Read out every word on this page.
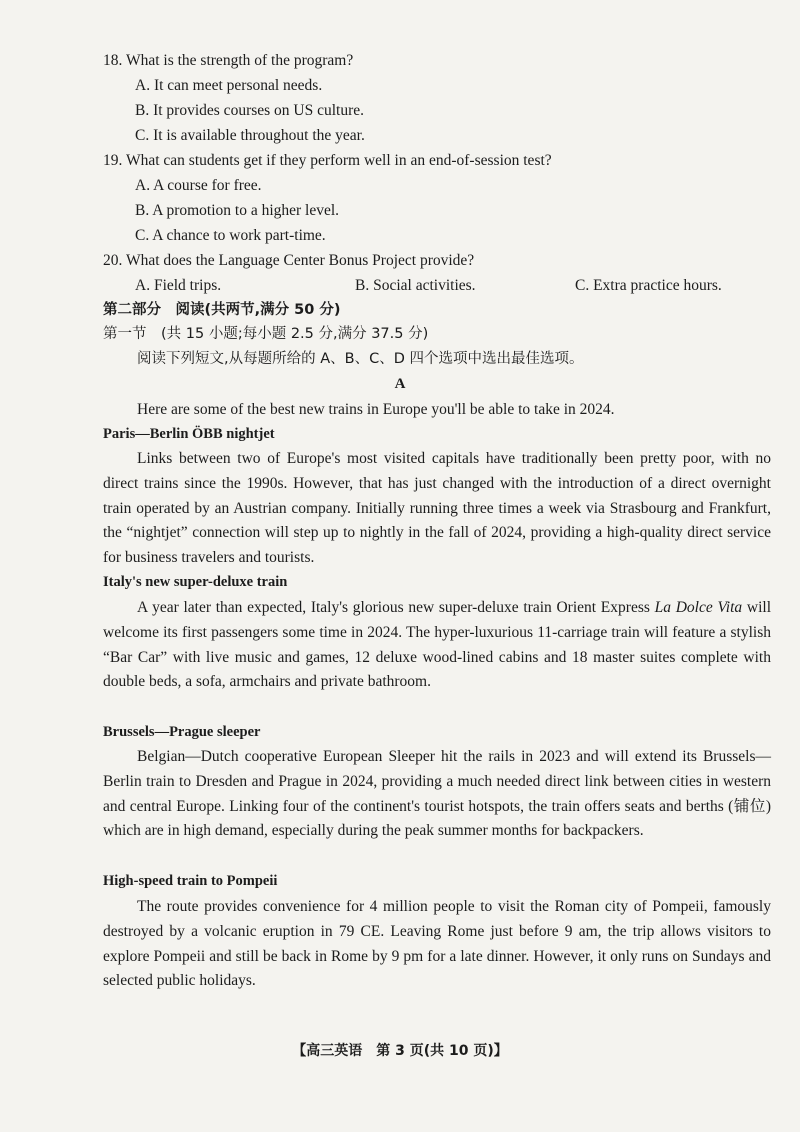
18. What is the strength of the program?
A. It can meet personal needs.
B. It provides courses on US culture.
C. It is available throughout the year.
19. What can students get if they perform well in an end-of-session test?
A. A course for free.
B. A promotion to a higher level.
C. A chance to work part-time.
20. What does the Language Center Bonus Project provide?
A. Field trips.	B. Social activities.	C. Extra practice hours.
第二部分　阅读(共两节,满分 50 分)
第一节　(共 15 小题;每小题 2.5 分,满分 37.5 分)
阅读下列短文,从每题所给的 A、B、C、D 四个选项中选出最佳选项。
A
Here are some of the best new trains in Europe you'll be able to take in 2024.
Paris—Berlin ÖBB nightjet
Links between two of Europe's most visited capitals have traditionally been pretty poor, with no direct trains since the 1990s. However, that has just changed with the introduction of a direct overnight train operated by an Austrian company. Initially running three times a week via Strasbourg and Frankfurt, the “nightjet” connection will step up to nightly in the fall of 2024, providing a high-quality direct service for business travelers and tourists.
Italy's new super-deluxe train
A year later than expected, Italy's glorious new super-deluxe train Orient Express La Dolce Vita will welcome its first passengers some time in 2024. The hyper-luxurious 11-carriage train will feature a stylish “Bar Car” with live music and games, 12 deluxe wood-lined cabins and 18 master suites complete with double beds, a sofa, armchairs and private bathroom.
Brussels—Prague sleeper
Belgian—Dutch cooperative European Sleeper hit the rails in 2023 and will extend its Brussels—Berlin train to Dresden and Prague in 2024, providing a much needed direct link between cities in western and central Europe. Linking four of the continent's tourist hotspots, the train offers seats and berths (铺位) which are in high demand, especially during the peak summer months for backpackers.
High-speed train to Pompeii
The route provides convenience for 4 million people to visit the Roman city of Pompeii, famously destroyed by a volcanic eruption in 79 CE. Leaving Rome just before 9 am, the trip allows visitors to explore Pompeii and still be back in Rome by 9 pm for a late dinner. However, it only runs on Sundays and selected public holidays.
【高三英语　第 3 页(共 10 页)】
